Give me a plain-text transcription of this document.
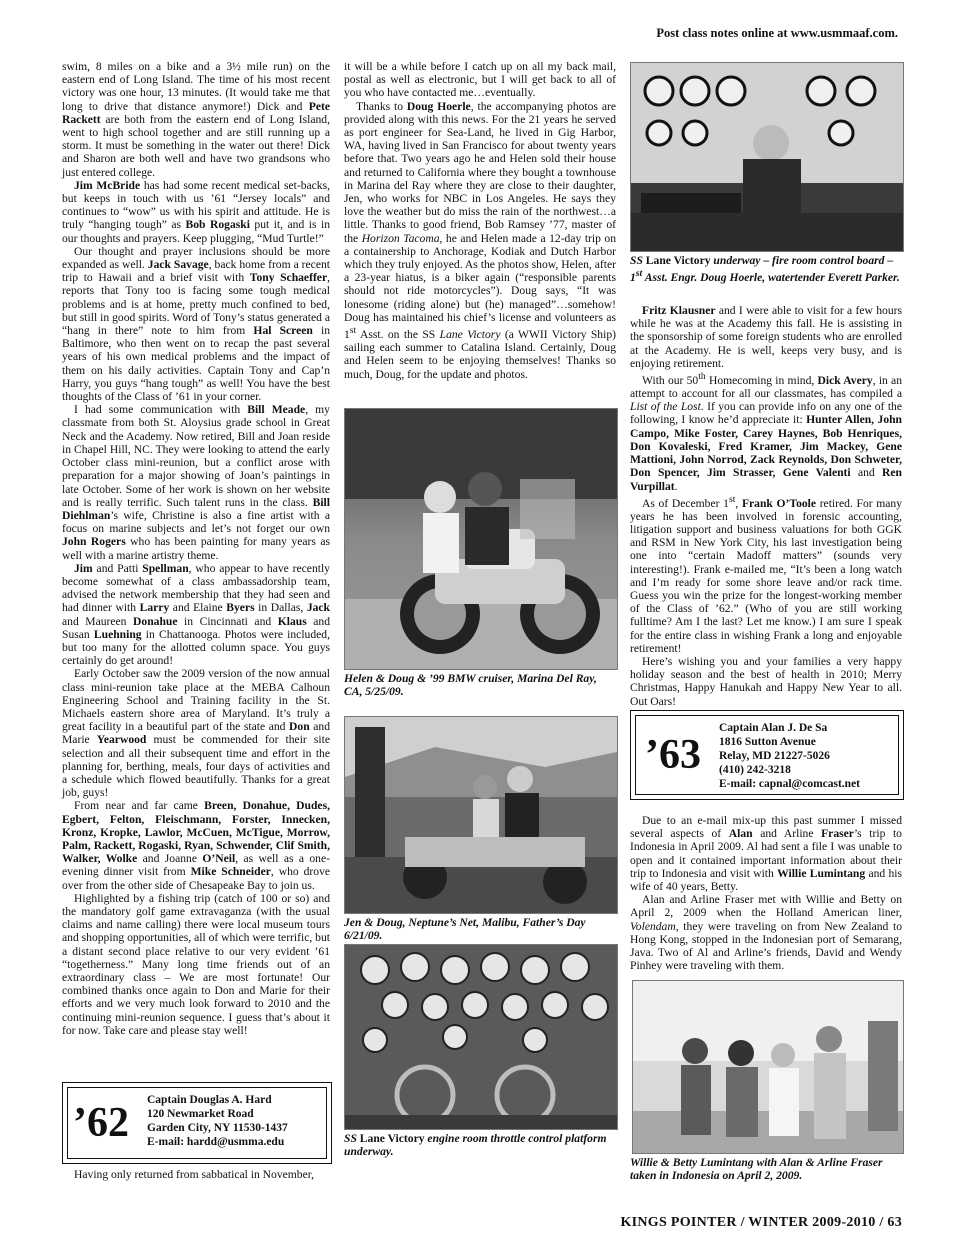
Post class notes online at www.usmmaaf.com.

swim, 8 miles on a bike and a 3½ mile run) on the eastern end of Long Island. The time of his most recent victory was one hour, 13 minutes. (It would take me that long to drive that distance anymore!) Dick and Pete Rackett are both from the eastern end of Long Island, went to high school together and are still running up a storm. It must be something in the water out there! Dick and Sharon are both well and have two grandsons who just entered college.

Jim McBride has had some recent medical set-backs, but keeps in touch with us ’61 “Jersey locals” and continues to “wow” us with his spirit and attitude. He is truly “hanging tough” as Bob Rogaski put it, and is in our thoughts and prayers. Keep plugging, “Mud Turtle!”

Our thought and prayer inclusions should be more expanded as well. Jack Savage, back home from a recent trip to Hawaii and a brief visit with Tony Schaeffer, reports that Tony too is facing some tough medical problems and is at home, pretty much confined to bed, but still in good spirits. Word of Tony’s status generated a “hang in there” note to him from Hal Screen in Baltimore, who then went on to recap the past several years of his own medical problems and the impact of them on his daily activities. Captain Tony and Cap’n Harry, you guys “hang tough” as well! You have the best thoughts of the Class of ’61 in your corner.

I had some communication with Bill Meade, my classmate from both St. Aloysius grade school in Great Neck and the Academy. Now retired, Bill and Joan reside in Chapel Hill, NC. They were looking to attend the early October class mini-reunion, but a conflict arose with preparation for a major showing of Joan’s paintings in late October. Some of her work is shown on her website and is really terrific. Such talent runs in the class. Bill Diehlman’s wife, Christine is also a fine artist with a focus on marine subjects and let’s not forget our own John Rogers who has been painting for many years as well with a marine artistry theme.

Jim and Patti Spellman, who appear to have recently become somewhat of a class ambassadorship team, advised the network membership that they had seen and had dinner with Larry and Elaine Byers in Dallas, Jack and Maureen Donahue in Cincinnati and Klaus and Susan Luehning in Chattanooga. Photos were included, but too many for the allotted column space. You guys certainly do get around!

Early October saw the 2009 version of the now annual class mini-reunion take place at the MEBA Calhoun Engineering School and Training facility in the St. Michaels eastern shore area of Maryland. It’s truly a great facility in a beautiful part of the state and Don and Marie Yearwood must be commended for their site selection and all their subsequent time and effort in the planning for, berthing, meals, four days of activities and a schedule which flowed beautifully. Thanks for a great job, guys!

From near and far came Breen, Donahue, Dudes, Egbert, Felton, Fleischmann, Forster, Innecken, Kronz, Kropke, Lawlor, McCuen, McTigue, Morrow, Palm, Rackett, Rogaski, Ryan, Schwender, Clif Smith, Walker, Wolke and Joanne O’Neil, as well as a one-evening dinner visit from Mike Schneider, who drove over from the other side of Chesapeake Bay to join us.

Highlighted by a fishing trip (catch of 100 or so) and the mandatory golf game extravaganza (with the usual claims and name calling) there were local museum tours and shopping opportunities, all of which were terrific, but a distant second place relative to our very evident ’61 “togetherness.” Many long time friends out of an extraordinary class – We are most fortunate! Our combined thanks once again to Don and Marie for their efforts and we very much look forward to 2010 and the continuing mini-reunion sequence. I guess that’s about it for now. Take care and please stay well!

’62 Captain Douglas A. Hard
120 Newmarket Road
Garden City, NY 11530-1437
E-mail: hardd@usmma.edu

Having only returned from sabbatical in November,

it will be a while before I catch up on all my back mail, postal as well as electronic, but I will get back to all of you who have contacted me…eventually.

Thanks to Doug Hoerle, the accompanying photos are provided along with this news. For the 21 years he served as port engineer for Sea-Land, he lived in Gig Harbor, WA, having lived in San Francisco for about twenty years before that. Two years ago he and Helen sold their house and returned to California where they bought a townhouse in Marina del Ray where they are close to their daughter, Jen, who works for NBC in Los Angeles. He says they love the weather but do miss the rain of the northwest…a little. Thanks to good friend, Bob Ramsey ’77, master of the Horizon Tacoma, he and Helen made a 12-day trip on a containership to Anchorage, Kodiak and Dutch Harbor which they truly enjoyed. As the photos show, Helen, after a 23-year hiatus, is a biker again (“responsible parents should not ride motorcycles”). Doug says, “It was lonesome (riding alone) but (he) managed”…somehow! Doug has maintained his chief’s license and volunteers as 1st Asst. on the SS Lane Victory (a WWII Victory Ship) sailing each summer to Catalina Island. Certainly, Doug and Helen seem to be enjoying themselves! Thanks so much, Doug, for the update and photos.

Helen & Doug & ’99 BMW cruiser, Marina Del Ray, CA, 5/25/09.
Jen & Doug, Neptune’s Net, Malibu, Father’s Day 6/21/09.
SS Lane Victory engine room throttle control platform underway.
SS Lane Victory underway – fire room control board – 1st Asst. Engr. Doug Hoerle, watertender Everett Parker.

Fritz Klausner and I were able to visit for a few hours while he was at the Academy this fall. He is assisting in the sponsorship of some foreign students who are enrolled at the Academy. He is well, keeps very busy, and is enjoying retirement.

With our 50th Homecoming in mind, Dick Avery, in an attempt to account for all our classmates, has compiled a List of the Lost. If you can provide info on any one of the following, I know he’d appreciate it: Hunter Allen, John Campo, Mike Foster, Carey Haynes, Bob Henriques, Don Kovaleski, Fred Kramer, Jim Mackey, Gene Mattioni, John Norrod, Zack Reynolds, Don Schweter, Don Spencer, Jim Strasser, Gene Valenti and Ren Vurpillat.

As of December 1st, Frank O’Toole retired. For many years he has been involved in forensic accounting, litigation support and business valuations for both GGK and RSM in New York City, his last investigation being one into “certain Madoff matters” (sounds very interesting!). Frank e-mailed me, “It’s been a long watch and I’m ready for some shore leave and/or rack time. Guess you win the prize for the longest-working member of the Class of ’62.” (Who of you are still working fulltime? Am I the last? Let me know.) I am sure I speak for the entire class in wishing Frank a long and enjoyable retirement!

Here’s wishing you and your families a very happy holiday season and the best of health in 2010; Merry Christmas, Happy Hanukah and Happy New Year to all. Out Oars!

’63
Captain Alan J. De Sa
1816 Sutton Avenue
Relay, MD 21227-5026
(410) 242-3218
E-mail: capnal@comcast.net

Due to an e-mail mix-up this past summer I missed several aspects of Alan and Arline Fraser’s trip to Indonesia in April 2009. Al had sent a file I was unable to open and it contained important information about their trip to Indonesia and visit with Willie Lumintang and his wife of 40 years, Betty.

Alan and Arline Fraser met with Willie and Betty on April 2, 2009 when the Holland American liner, Volendam, they were traveling on from New Zealand to Hong Kong, stopped in the Indonesian port of Semarang, Java. Two of Al and Arline’s friends, David and Wendy Pinhey were traveling with them.

Willie & Betty Lumintang with Alan & Arline Fraser taken in Indonesia on April 2, 2009.
KINGS POINTER / WINTER 2009-2010 / 63
